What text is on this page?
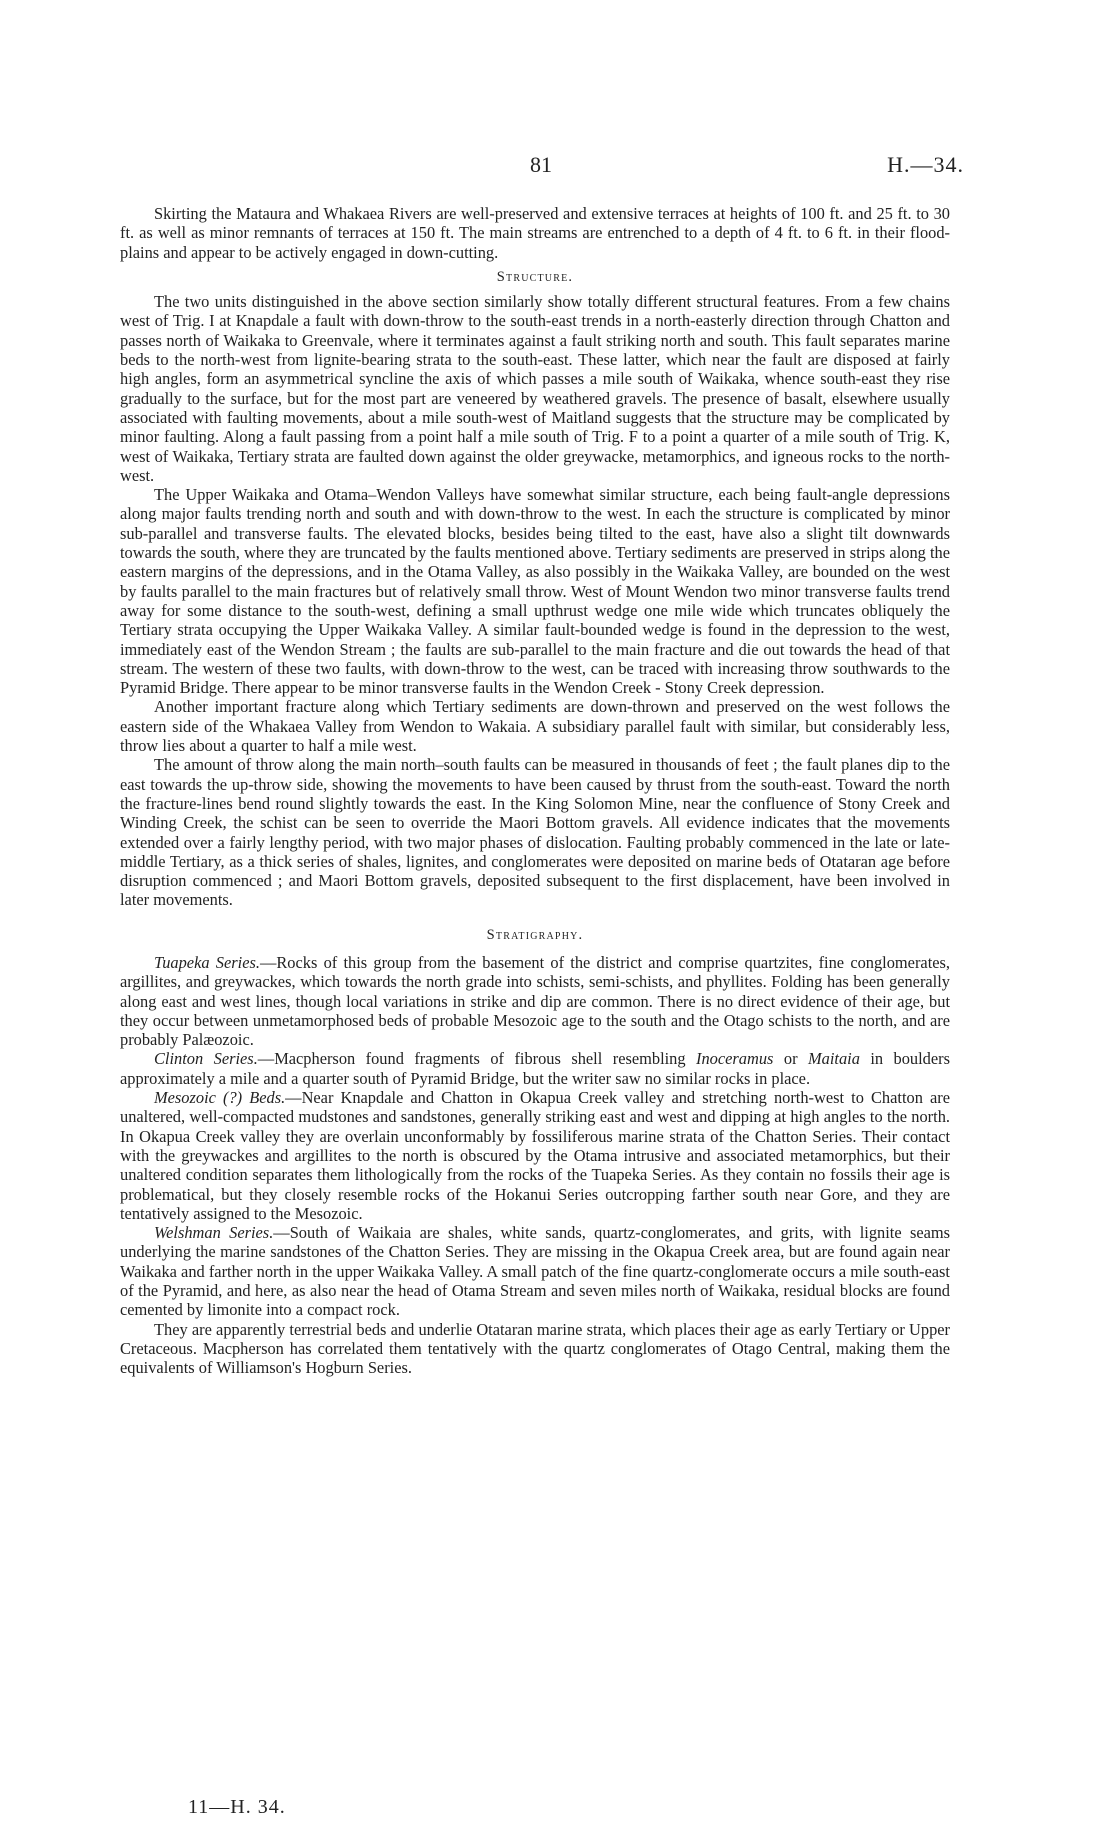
81	H.—34.

Skirting the Mataura and Whakaea Rivers are well-preserved and extensive terraces at heights of 100 ft. and 25 ft. to 30 ft. as well as minor remnants of terraces at 150 ft. The main streams are entrenched to a depth of 4 ft. to 6 ft. in their flood-plains and appear to be actively engaged in down-cutting.

Structure.

The two units distinguished in the above section similarly show totally different structural features. From a few chains west of Trig. I at Knapdale a fault with down-throw to the south-east trends in a north-easterly direction through Chatton and passes north of Waikaka to Greenvale, where it terminates against a fault striking north and south. This fault separates marine beds to the north-west from lignite-bearing strata to the south-east. These latter, which near the fault are disposed at fairly high angles, form an asymmetrical syncline the axis of which passes a mile south of Waikaka, whence south-east they rise gradually to the surface, but for the most part are veneered by weathered gravels. The presence of basalt, elsewhere usually associated with faulting movements, about a mile south-west of Maitland suggests that the structure may be complicated by minor faulting. Along a fault passing from a point half a mile south of Trig. F to a point a quarter of a mile south of Trig. K, west of Waikaka, Tertiary strata are faulted down against the older greywacke, metamorphics, and igneous rocks to the north-west.

The Upper Waikaka and Otama–Wendon Valleys have somewhat similar structure, each being fault-angle depressions along major faults trending north and south and with down-throw to the west. In each the structure is complicated by minor sub-parallel and transverse faults. The elevated blocks, besides being tilted to the east, have also a slight tilt downwards towards the south, where they are truncated by the faults mentioned above. Tertiary sediments are preserved in strips along the eastern margins of the depressions, and in the Otama Valley, as also possibly in the Waikaka Valley, are bounded on the west by faults parallel to the main fractures but of relatively small throw. West of Mount Wendon two minor transverse faults trend away for some distance to the south-west, defining a small upthrust wedge one mile wide which truncates obliquely the Tertiary strata occupying the Upper Waikaka Valley. A similar fault-bounded wedge is found in the depression to the west, immediately east of the Wendon Stream ; the faults are sub-parallel to the main fracture and die out towards the head of that stream. The western of these two faults, with down-throw to the west, can be traced with increasing throw southwards to the Pyramid Bridge. There appear to be minor transverse faults in the Wendon Creek - Stony Creek depression.

Another important fracture along which Tertiary sediments are down-thrown and preserved on the west follows the eastern side of the Whakaea Valley from Wendon to Wakaia. A subsidiary parallel fault with similar, but considerably less, throw lies about a quarter to half a mile west.

The amount of throw along the main north–south faults can be measured in thousands of feet ; the fault planes dip to the east towards the up-throw side, showing the movements to have been caused by thrust from the south-east. Toward the north the fracture-lines bend round slightly towards the east. In the King Solomon Mine, near the confluence of Stony Creek and Winding Creek, the schist can be seen to override the Maori Bottom gravels. All evidence indicates that the movements extended over a fairly lengthy period, with two major phases of dislocation. Faulting probably commenced in the late or late-middle Tertiary, as a thick series of shales, lignites, and conglomerates were deposited on marine beds of Otataran age before disruption commenced ; and Maori Bottom gravels, deposited subsequent to the first displacement, have been involved in later movements.

Stratigraphy.

Tuapeka Series.—Rocks of this group from the basement of the district and comprise quartzites, fine conglomerates, argillites, and greywackes, which towards the north grade into schists, semi-schists, and phyllites. Folding has been generally along east and west lines, though local variations in strike and dip are common. There is no direct evidence of their age, but they occur between unmetamorphosed beds of probable Mesozoic age to the south and the Otago schists to the north, and are probably Palæozoic.

Clinton Series.—Macpherson found fragments of fibrous shell resembling Inoceramus or Maitaia in boulders approximately a mile and a quarter south of Pyramid Bridge, but the writer saw no similar rocks in place.

Mesozoic (?) Beds.—Near Knapdale and Chatton in Okapua Creek valley and stretching north-west to Chatton are unaltered, well-compacted mudstones and sandstones, generally striking east and west and dipping at high angles to the north. In Okapua Creek valley they are overlain unconformably by fossiliferous marine strata of the Chatton Series. Their contact with the greywackes and argillites to the north is obscured by the Otama intrusive and associated metamorphics, but their unaltered condition separates them lithologically from the rocks of the Tuapeka Series. As they contain no fossils their age is problematical, but they closely resemble rocks of the Hokanui Series outcropping farther south near Gore, and they are tentatively assigned to the Mesozoic.

Welshman Series.—South of Waikaia are shales, white sands, quartz-conglomerates, and grits, with lignite seams underlying the marine sandstones of the Chatton Series. They are missing in the Okapua Creek area, but are found again near Waikaka and farther north in the upper Waikaka Valley. A small patch of the fine quartz-conglomerate occurs a mile south-east of the Pyramid, and here, as also near the head of Otama Stream and seven miles north of Waikaka, residual blocks are found cemented by limonite into a compact rock.

They are apparently terrestrial beds and underlie Otataran marine strata, which places their age as early Tertiary or Upper Cretaceous. Macpherson has correlated them tentatively with the quartz conglomerates of Otago Central, making them the equivalents of Williamson's Hogburn Series.

11—H. 34.
